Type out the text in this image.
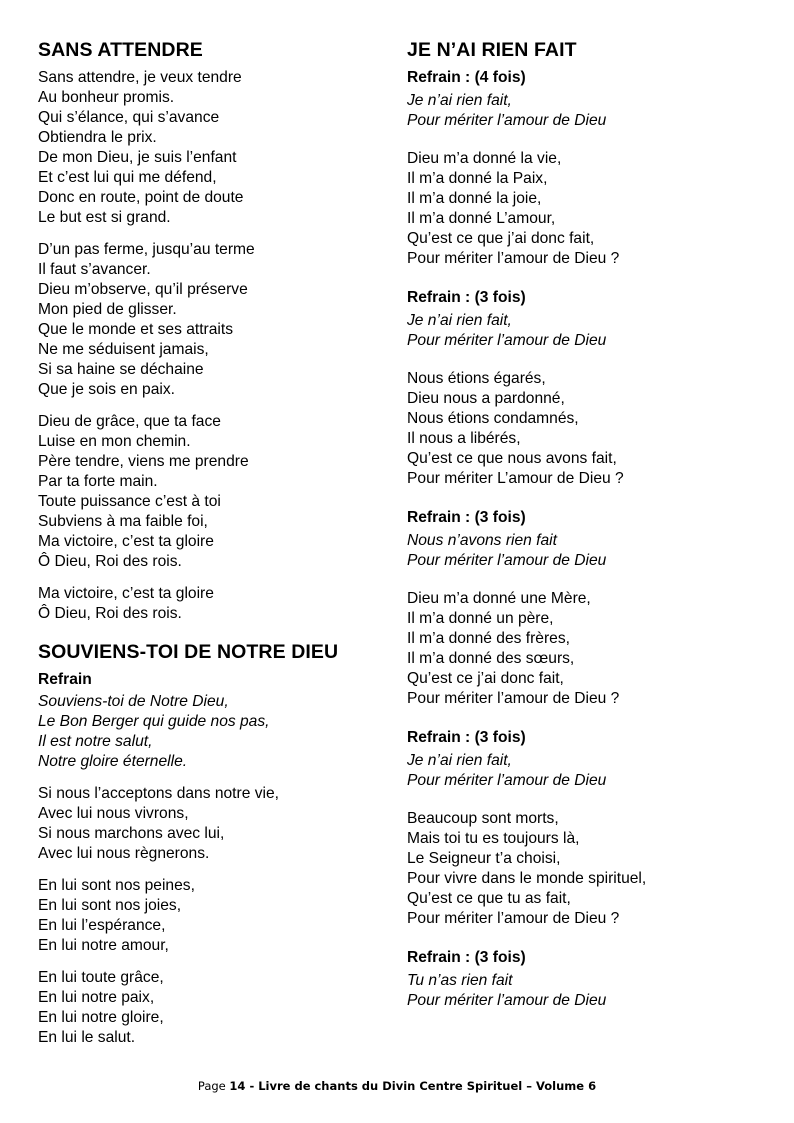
SANS ATTENDRE
Sans attendre, je veux tendre
Au bonheur promis.
Qui s’élance, qui s’avance
Obtiendra le prix.
De mon Dieu, je suis l’enfant
Et c’est lui qui me défend,
Donc en route, point de doute
Le but est si grand.
D’un pas ferme, jusqu’au terme
Il faut s’avancer.
Dieu m’observe, qu’il préserve
Mon pied de glisser.
Que le monde et ses attraits
Ne me séduisent jamais,
Si sa haine se déchaine
Que je sois en paix.
Dieu de grâce, que ta face
Luise en mon chemin.
Père tendre, viens me prendre
Par ta forte main.
Toute puissance c’est à toi
Subviens à ma faible foi,
Ma victoire, c’est ta gloire
Ô Dieu, Roi des rois.
Ma victoire, c’est ta gloire
Ô Dieu, Roi des rois.
SOUVIENS-TOI DE NOTRE DIEU
Refrain
Souviens-toi de Notre Dieu,
Le Bon Berger qui guide nos pas,
Il est notre salut,
Notre gloire éternelle.
Si nous l’acceptons dans notre vie,
Avec lui nous vivrons,
Si nous marchons avec lui,
Avec lui nous règnerons.
En lui sont nos peines,
En lui sont nos joies,
En lui l’espérance,
En lui notre amour,
En lui toute grâce,
En lui notre paix,
En lui notre gloire,
En lui le salut.
JE N’AI RIEN FAIT
Refrain : (4 fois)
Je n’ai rien fait,
Pour mériter l’amour de Dieu
Dieu m’a donné la vie,
Il m’a donné la Paix,
Il m’a donné la joie,
Il m’a donné L’amour,
Qu’est ce que j’ai donc fait,
Pour mériter l’amour de Dieu ?
Refrain : (3 fois)
Je n’ai rien fait,
Pour mériter l’amour de Dieu
Nous étions égarés,
Dieu nous a pardonné,
Nous étions condamnés,
Il nous a libérés,
Qu’est ce que nous avons fait,
Pour mériter L’amour de Dieu ?
Refrain : (3 fois)
Nous n’avons rien fait
Pour mériter l’amour de Dieu
Dieu m’a donné une Mère,
Il m’a donné un père,
Il m’a donné des frères,
Il m’a donné des sœurs,
Qu’est ce j’ai donc fait,
Pour mériter l’amour de Dieu ?
Refrain : (3 fois)
Je n’ai rien fait,
Pour mériter l’amour de Dieu
Beaucoup sont morts,
Mais toi tu es toujours là,
Le Seigneur t’a choisi,
Pour vivre dans le monde spirituel,
Qu’est ce que tu as fait,
Pour mériter l’amour de Dieu ?
Refrain : (3 fois)
Tu n’as rien fait
Pour mériter l’amour de Dieu
Page 14 - Livre de chants du Divin Centre Spirituel – Volume 6
